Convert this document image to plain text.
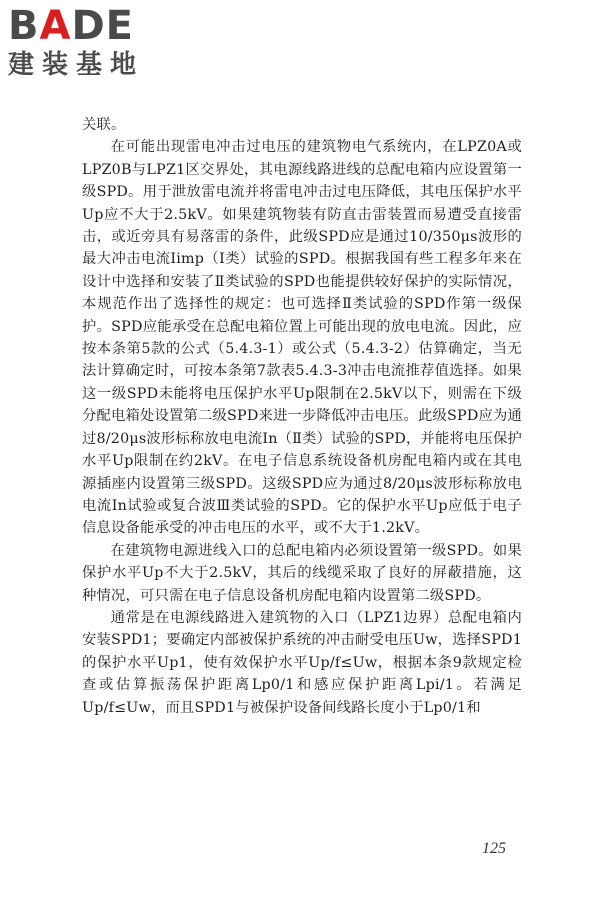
BADE
建装基地

关联。

在可能出现雷电冲击过电压的建筑物电气系统内，在LPZ0A或LPZ0B与LPZ1区交界处，其电源线路进线的总配电箱内应设置第一级SPD。用于泄放雷电流并将雷电冲击过电压降低，其电压保护水平Up应不大于2.5kV。如果建筑物装有防直击雷装置而易遭受直接雷击，或近旁具有易落雷的条件，此级SPD应是通过10/350μs波形的最大冲击电流Iimp（Ⅰ类）试验的SPD。根据我国有些工程多年来在设计中选择和安装了Ⅱ类试验的SPD也能提供较好保护的实际情况，本规范作出了选择性的规定：也可选择Ⅱ类试验的SPD作第一级保护。SPD应能承受在总配电箱位置上可能出现的放电电流。因此，应按本条第5款的公式（5.4.3-1）或公式（5.4.3-2）估算确定，当无法计算确定时，可按本条第7款表5.4.3-3冲击电流推荐值选择。如果这一级SPD未能将电压保护水平Up限制在2.5kV以下，则需在下级分配电箱处设置第二级SPD来进一步降低冲击电压。此级SPD应为通过8/20μs波形标称放电电流In（Ⅱ类）试验的SPD，并能将电压保护水平Up限制在约2kV。在电子信息系统设备机房配电箱内或在其电源插座内设置第三级SPD。这级SPD应为通过8/20μs波形标称放电电流In试验或复合波Ⅲ类试验的SPD。它的保护水平Up应低于电子信息设备能承受的冲击电压的水平，或不大于1.2kV。

在建筑物电源进线入口的总配电箱内必须设置第一级SPD。如果保护水平Up不大于2.5kV，其后的线缆采取了良好的屏蔽措施，这种情况，可只需在电子信息设备机房配电箱内设置第二级SPD。

通常是在电源线路进入建筑物的入口（LPZ1边界）总配电箱内安装SPD1；要确定内部被保护系统的冲击耐受电压Uw，选择SPD1的保护水平Up1，使有效保护水平Up/f≤Uw，根据本条9款规定检查或估算振荡保护距离Lp0/1和感应保护距离Lpi/1。若满足Up/f≤Uw，而且SPD1与被保护设备间线路长度小于Lp0/1和

125
